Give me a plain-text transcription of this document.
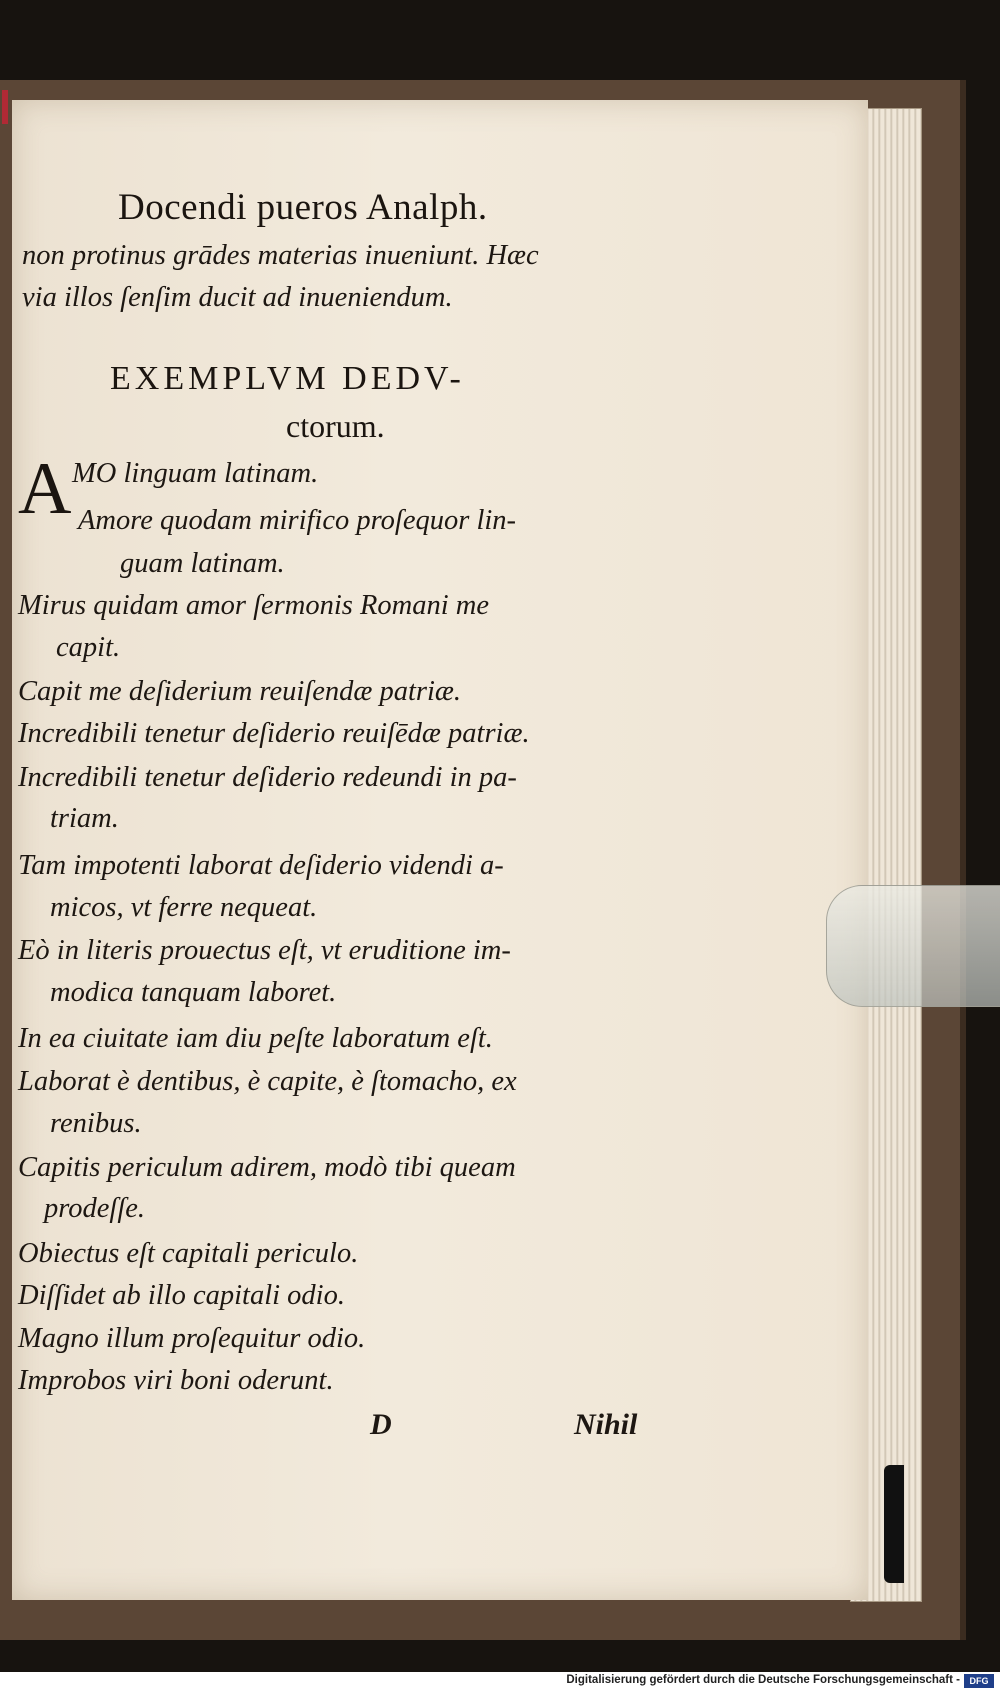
Docendi pueros Analph.
non protinus grādes materias inueniunt. Hæc
via illos ſenſim ducit ad inueniendum.
EXEMPLVM DEDV-
ctorum.
A MO linguam latinam.
Amore quodam mirifico proſequor lin-
guam latinam.
Mirus quidam amor ſermonis Romani me
capit.
Capit me deſiderium reuiſendæ patriæ.
Incredibili tenetur deſiderio reuiſēdæ patriæ.
Incredibili tenetur deſiderio redeundi in pa-
triam.
Tam impotenti laborat deſiderio videndi a-
micos, vt ferre nequeat.
Eò in literis prouectus eſt, vt eruditione im-
modica tanquam laboret.
In ea ciuitate iam diu peſte laboratum eſt.
Laborat è dentibus, è capite, è ſtomacho, ex
renibus.
Capitis periculum adirem, modò tibi queam
prodeſſe.
Obiectus eſt capitali periculo.
Diſſidet ab illo capitali odio.
Magno illum proſequitur odio.
Improbos viri boni oderunt.
D	Nihil
Digitalisierung gefördert durch die Deutsche Forschungsgemeinschaft -	DFG
